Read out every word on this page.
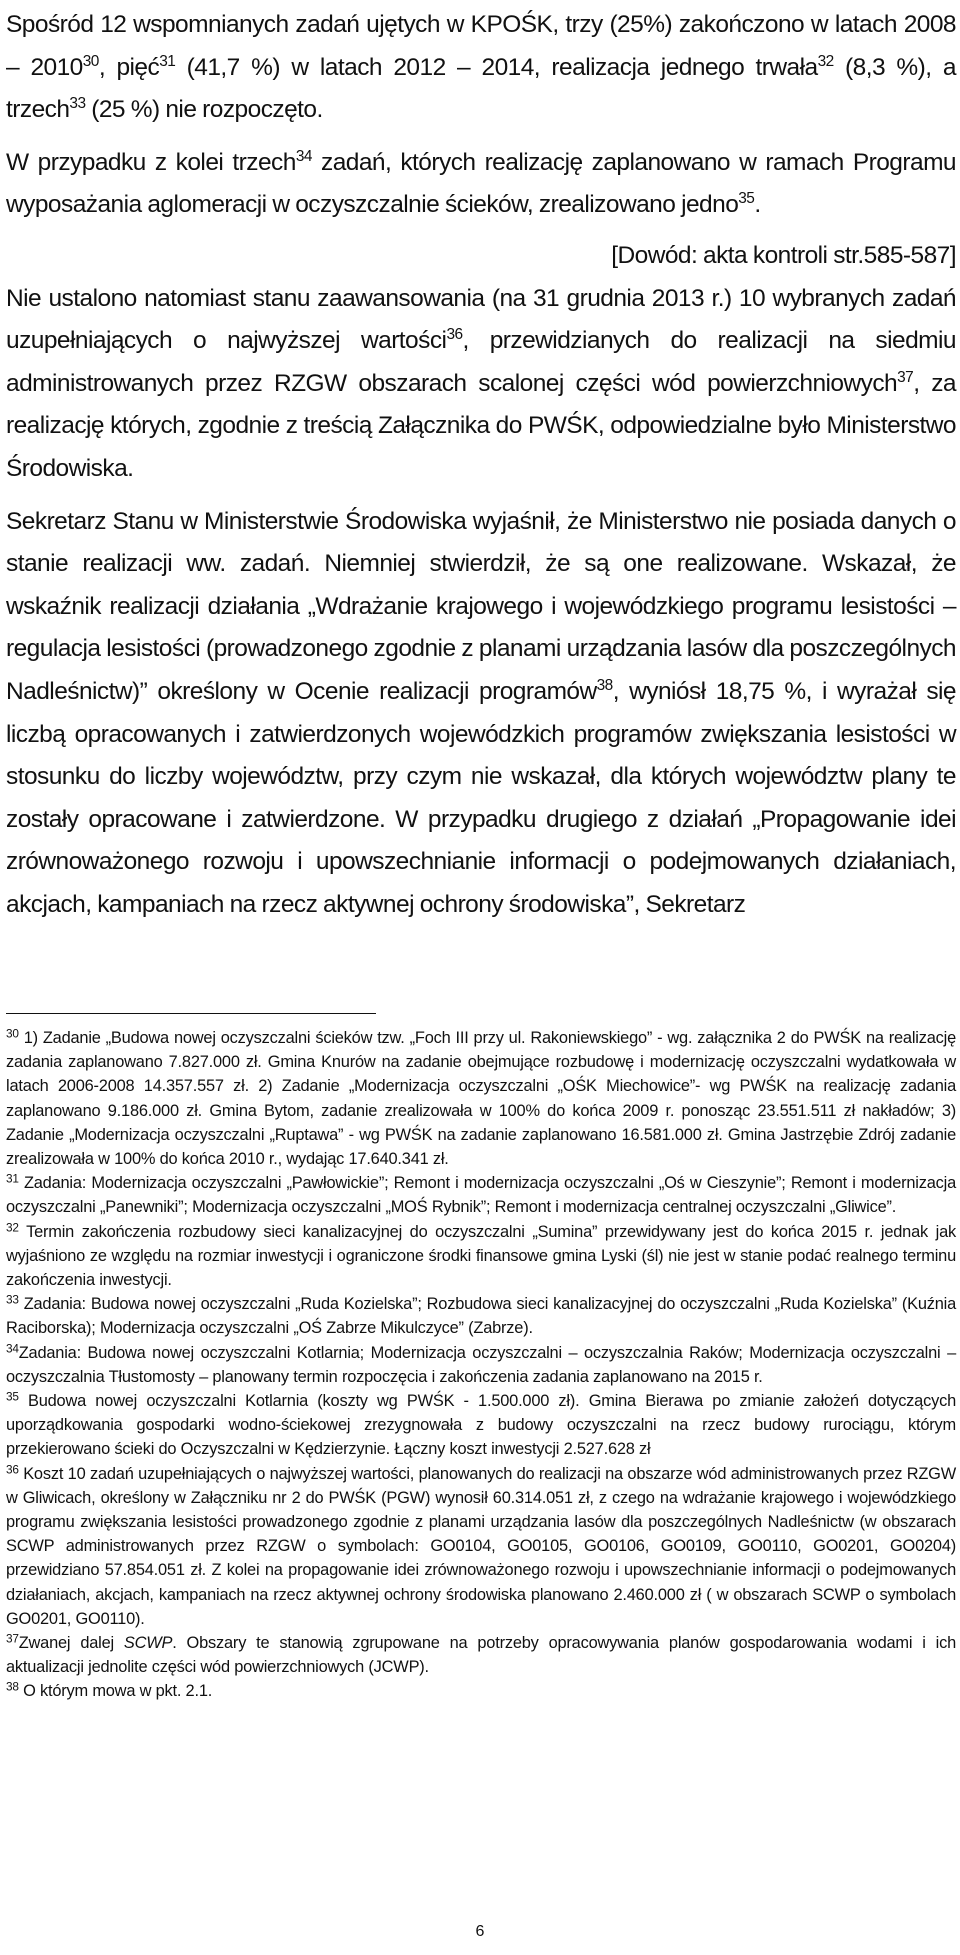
Spośród 12 wspomnianych zadań ujętych w KPOŚK, trzy (25%) zakończono w latach 2008 – 2010$^{30}$, pięć$^{31}$ (41,7 %) w latach 2012 – 2014, realizacja jednego trwała$^{32}$ (8,3 %), a trzech$^{33}$ (25 %) nie rozpoczęto.

W przypadku z kolei trzech$^{34}$ zadań, których realizację zaplanowano w ramach Programu wyposażania aglomeracji w oczyszczalnie ścieków, zrealizowano jedno$^{35}$.

[Dowód: akta kontroli str.585-587]

Nie ustalono natomiast stanu zaawansowania (na 31 grudnia 2013 r.) 10 wybranych zadań uzupełniających o najwyższej wartości$^{36}$, przewidzianych do realizacji na siedmiu administrowanych przez RZGW obszarach scalonej części wód powierzchniowych$^{37}$, za realizację których, zgodnie z treścią Załącznika do PWŚK, odpowiedzialne było Ministerstwo Środowiska.

Sekretarz Stanu w Ministerstwie Środowiska wyjaśnił, że Ministerstwo nie posiada danych o stanie realizacji ww. zadań. Niemniej stwierdził, że są one realizowane. Wskazał, że wskaźnik realizacji działania „Wdrażanie krajowego i wojewódzkiego programu lesistości – regulacja lesistości (prowadzonego zgodnie z planami urządzania lasów dla poszczególnych Nadleśnictw)” określony w Ocenie realizacji programów$^{38}$, wyniósł 18,75 %, i wyrażał się liczbą opracowanych i zatwierdzonych wojewódzkich programów zwiększania lesistości w stosunku do liczby województw, przy czym nie wskazał, dla których województw plany te zostały opracowane i zatwierdzone. W przypadku drugiego z działań „Propagowanie idei zrównoważonego rozwoju i upowszechnianie informacji o podejmowanych działaniach, akcjach, kampaniach na rzecz aktywnej ochrony środowiska”, Sekretarz

$^{30}$ 1) Zadanie „Budowa nowej oczyszczalni ścieków tzw. „Foch III przy ul. Rakoniewskiego” - wg. załącznika 2 do PWŚK na realizację zadania zaplanowano 7.827.000 zł. Gmina Knurów na zadanie obejmujące rozbudowę i modernizację oczyszczalni wydatkowała w latach 2006-2008 14.357.557 zł. 2) Zadanie „Modernizacja oczyszczalni „OŚK Miechowice”- wg PWŚK na realizację zadania zaplanowano 9.186.000 zł. Gmina Bytom, zadanie zrealizowała w 100% do końca 2009 r. ponosząc 23.551.511 zł nakładów; 3) Zadanie „Modernizacja oczyszczalni „Ruptawa” - wg PWŚK na zadanie zaplanowano 16.581.000 zł. Gmina Jastrzębie Zdrój zadanie zrealizowała w 100% do końca 2010 r., wydając 17.640.341 zł.

$^{31}$ Zadania: Modernizacja oczyszczalni „Pawłowickie”; Remont i modernizacja oczyszczalni „Oś w Cieszynie”; Remont i modernizacja oczyszczalni „Panewniki”; Modernizacja oczyszczalni „MOŚ Rybnik”; Remont i modernizacja centralnej oczyszczalni „Gliwice”.

$^{32}$ Termin zakończenia rozbudowy sieci kanalizacyjnej do oczyszczalni „Sumina” przewidywany jest do końca 2015 r. jednak jak wyjaśniono ze względu na rozmiar inwestycji i ograniczone środki finansowe gmina Lyski (śl) nie jest w stanie podać realnego terminu zakończenia inwestycji.

$^{33}$ Zadania: Budowa nowej oczyszczalni „Ruda Kozielska”; Rozbudowa sieci kanalizacyjnej do oczyszczalni „Ruda Kozielska” (Kuźnia Raciborska); Modernizacja oczyszczalni „OŚ Zabrze Mikulczyce” (Zabrze).

$^{34}$Zadania: Budowa nowej oczyszczalni Kotlarnia; Modernizacja oczyszczalni – oczyszczalnia Raków; Modernizacja oczyszczalni – oczyszczalnia Tłustomosty – planowany termin rozpoczęcia i zakończenia zadania zaplanowano na 2015 r.

$^{35}$ Budowa nowej oczyszczalni Kotlarnia (koszty wg PWŚK - 1.500.000 zł). Gmina Bierawa po zmianie założeń dotyczących uporządkowania gospodarki wodno-ściekowej zrezygnowała z budowy oczyszczalni na rzecz budowy rurociągu, którym przekierowano ścieki do Oczyszczalni w Kędzierzynie. Łączny koszt inwestycji 2.527.628 zł

$^{36}$ Koszt 10 zadań uzupełniających o najwyższej wartości, planowanych do realizacji na obszarze wód administrowanych przez RZGW w Gliwicach, określony w Załączniku nr 2 do PWŚK (PGW) wynosił 60.314.051 zł, z czego na wdrażanie krajowego i wojewódzkiego programu zwiększania lesistości prowadzonego zgodnie z planami urządzania lasów dla poszczególnych Nadleśnictw (w obszarach SCWP administrowanych przez RZGW o symbolach: GO0104, GO0105, GO0106, GO0109, GO0110, GO0201, GO0204) przewidziano 57.854.051 zł. Z kolei na propagowanie idei zrównoważonego rozwoju i upowszechnianie informacji o podejmowanych działaniach, akcjach, kampaniach na rzecz aktywnej ochrony środowiska planowano 2.460.000 zł ( w obszarach SCWP o symbolach GO0201, GO0110).

$^{37}$Zwanej dalej SCWP. Obszary te stanowią zgrupowane na potrzeby opracowywania planów gospodarowania wodami i ich aktualizacji jednolite części wód powierzchniowych (JCWP).

$^{38}$ O którym mowa w pkt. 2.1.

6
